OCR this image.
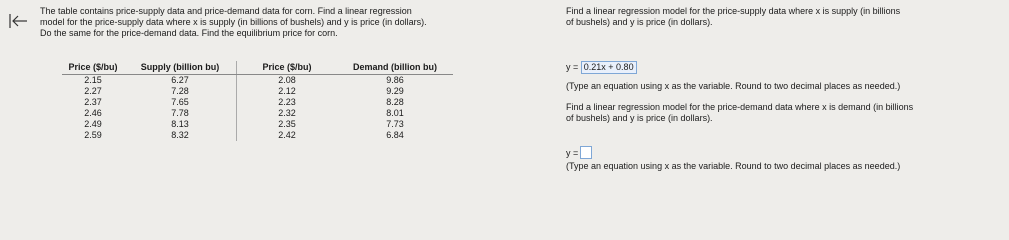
The table contains price-supply data and price-demand data for corn. Find a linear regression
model for the price-supply data where x is supply (in billions of bushels) and y is price (in dollars).
Do the same for the price-demand data. Find the equilibrium price for corn.
Price ($/bu)	Supply (billion bu)	Price ($/bu)	Demand (billion bu)
2.15	6.27	2.08	9.86
2.27	7.28	2.12	9.29
2.37	7.65	2.23	8.28
2.46	7.78	2.32	8.01
2.49	8.13	2.35	7.73
2.59	8.32	2.42	6.84

Find a linear regression model for the price-supply data where x is supply (in billions

of bushels) and y is price (in dollars).

y = 0.21x + 0.80
(Type an equation using x as the variable. Round to two decimal places as needed.)
Find a linear regression model for the price-demand data where x is demand (in billions
of bushels) and y is price (in dollars).
y =
(Type an equation using x as the variable. Round to two decimal places as needed.)
